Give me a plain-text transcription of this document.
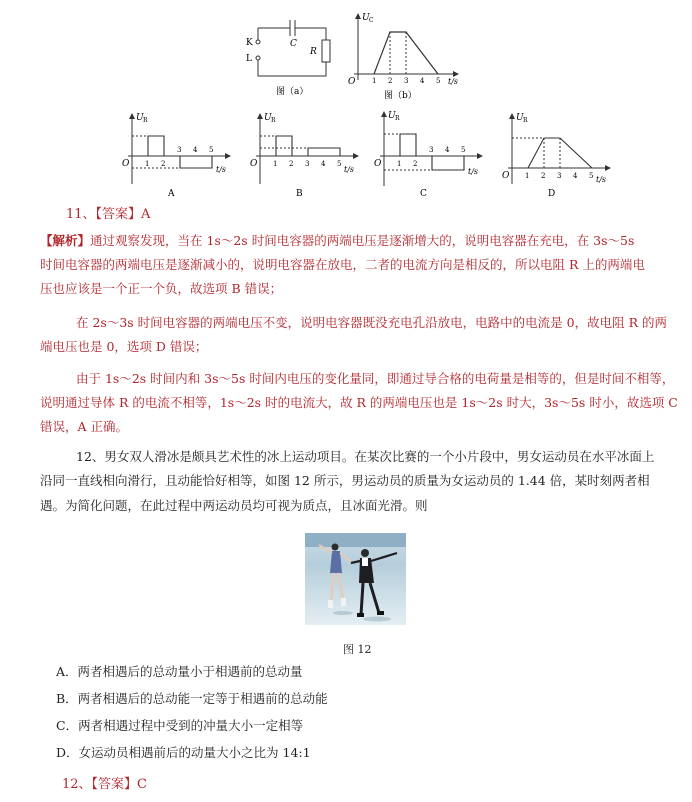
K
L
C
R
图（a）
U C
O 1 2 3 4 5 t/s
图（b）
U R
O 1 2
3 4 5
t/s
A
U R
O 1 2 3 4 5
t/s
B
U R
O 1 2
3 4 5
t/s
C
U R
O 1 2 3 4 5 t/s
D
11、【答案】A
【解析】通过观察发现，当在 1s～2s 时间电容器的两端电压是逐渐增大的，说明电容器在充电，在 3s～5s
时间电容器的两端电压是逐渐减小的，说明电容器在放电，二者的电流方向是相反的，所以电阻 R 上的两端电
压也应该是一个正一个负，故选项 B 错误；
在 2s～3s 时间电容器的两端电压不变，说明电容器既没充电孔沿放电，电路中的电流是 0，故电阻 R 的两
端电压也是 0，选项 D 错误；
由于 1s～2s 时间内和 3s～5s 时间内电压的变化量同，即通过导合格的电荷量是相等的，但是时间不相等，
说明通过导体 R 的电流不相等，1s～2s 时的电流大，故 R 的两端电压也是 1s～2s 时大，3s～5s 时小，故选项 C
错误，A 正确。
12、男女双人滑冰是颇具艺术性的冰上运动项目。在某次比赛的一个小片段中，男女运动员在水平冰面上
沿同一直线相向滑行，且动能恰好相等，如图 12 所示，男运动员的质量为女运动员的 1.44 倍，某时刻两者相
遇。为简化问题，在此过程中两运动员均可视为质点，且冰面光滑。则
图 12
A．两者相遇后的总动量小于相遇前的总动量
B．两者相遇后的总动能一定等于相遇前的总动能
C．两者相遇过程中受到的冲量大小一定相等
D．女运动员相遇前后的动量大小之比为 14:1
12、【答案】C
